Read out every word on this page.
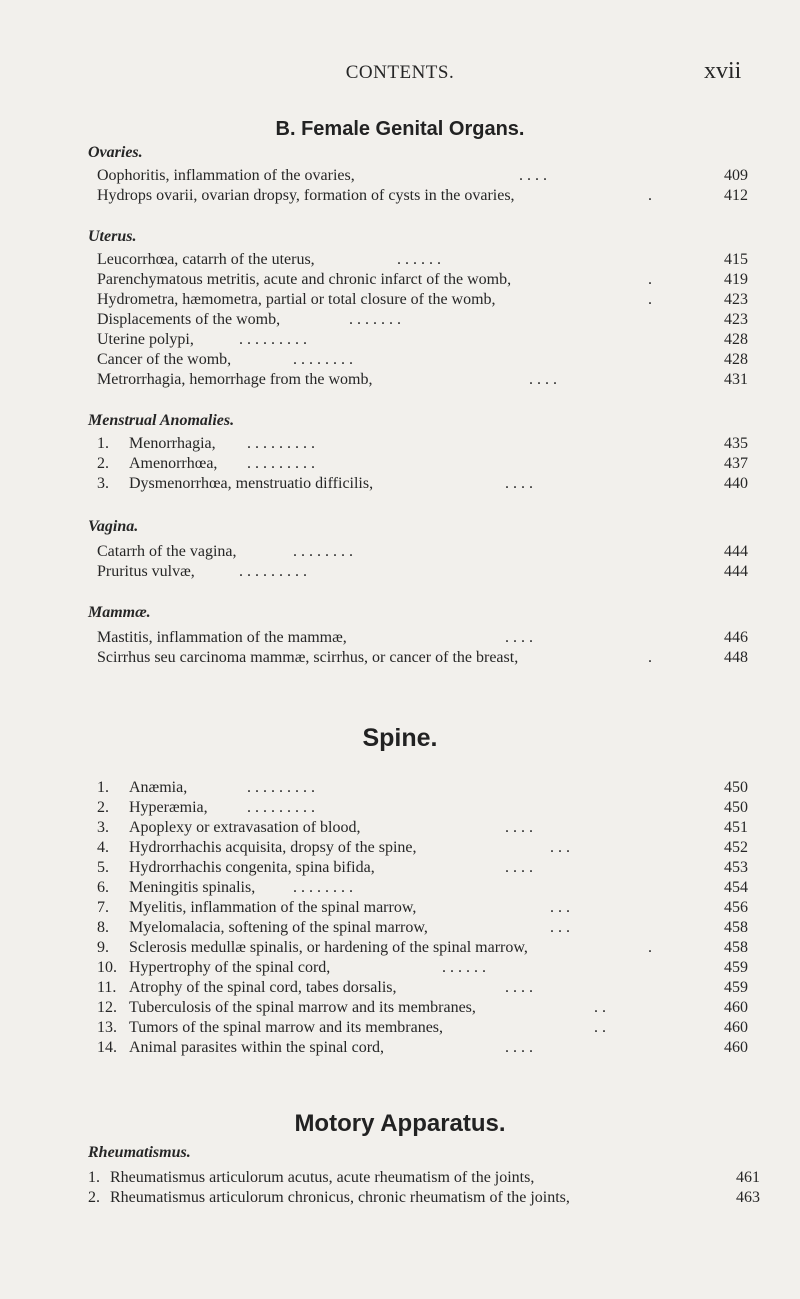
CONTENTS.	xvii
B. Female Genital Organs.
Ovaries.
Oophoritis, inflammation of the ovaries,	. . . .	409
Hydrops ovarii, ovarian dropsy, formation of cysts in the ovaries,	.	412
Uterus.
Leucorrhœa, catarrh of the uterus,	. . . . . .	415
Parenchymatous metritis, acute and chronic infarct of the womb,	.	419
Hydrometra, hæmometra, partial or total closure of the womb,	.	423
Displacements of the womb,	. . . . . . .	423
Uterine polypi,	. . . . . . . . .	428
Cancer of the womb,	. . . . . . . .	428
Metrorrhagia, hemorrhage from the womb,	. . . .	431
Menstrual Anomalies.
1. Menorrhagia, . . . . . . . . .	435
2. Amenorrhœa, . . . . . . . . .	437
3. Dysmenorrhœa, menstruatio difficilis,	. . . .	440
Vagina.
Catarrh of the vagina,	. . . . . . . .	444
Pruritus vulvæ,	. . . . . . . . .	444
Mammæ.
Mastitis, inflammation of the mammæ,	. . . .	446
Scirrhus seu carcinoma mammæ, scirrhus, or cancer of the breast,	.	448
Spine.
1. Anæmia,	. . . . . . . . .	450
2. Hyperæmia, . . . . . . . . .	450
3. Apoplexy or extravasation of blood,	. . . .	451
4. Hydrorrhachis acquisita, dropsy of the spine,	. . .	452
5. Hydrorrhachis congenita, spina bifida,	. . . .	453
6. Meningitis spinalis, . . . . . . . .	454
7. Myelitis, inflammation of the spinal marrow,	. . .	456
8. Myelomalacia, softening of the spinal marrow,	. . .	458
9. Sclerosis medullæ spinalis, or hardening of the spinal marrow,	.	458
10. Hypertrophy of the spinal cord,	. . . . . .	459
11. Atrophy of the spinal cord, tabes dorsalis,	. . . .	459
12. Tuberculosis of the spinal marrow and its membranes,	. .	460
13. Tumors of the spinal marrow and its membranes,	. .	460
14. Animal parasites within the spinal cord,	. . . .	460
Motory Apparatus.
Rheumatismus.
1. Rheumatismus articulorum acutus, acute rheumatism of the joints,	461
2. Rheumatismus articulorum chronicus, chronic rheumatism of the joints,	463
